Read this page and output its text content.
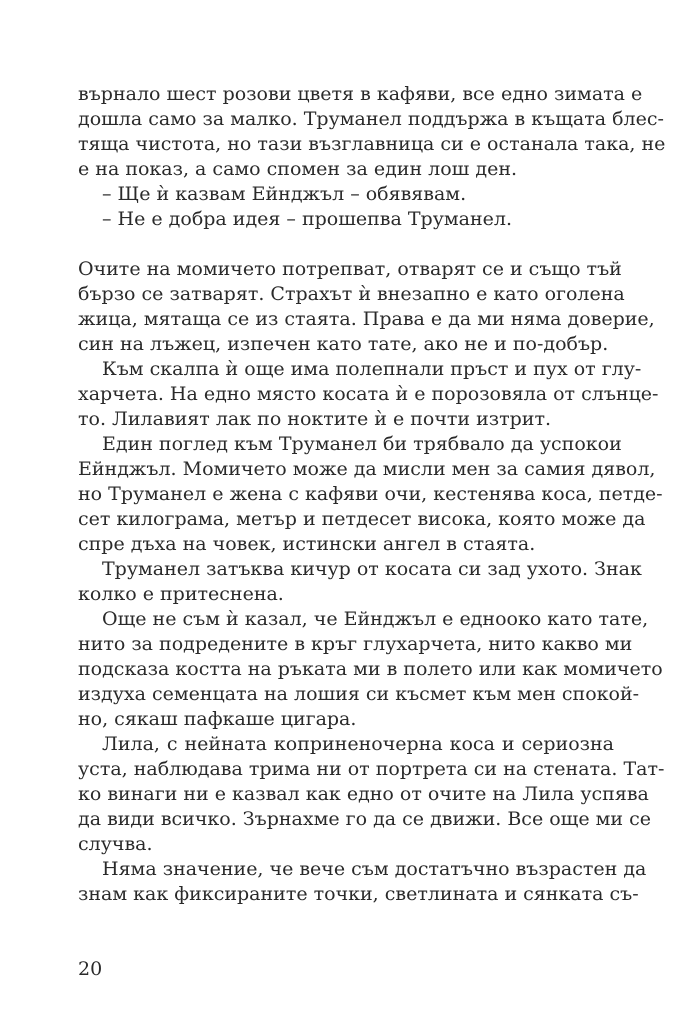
върнало шест розови цветя в кафяви, все едно зимата е
дошла само за малко. Труманел поддържа в къщата блес-
тяща чистота, но тази възглавница си е останала така, не
е на показ, а само спомен за един лош ден.
– Ще ѝ казвам Ейнджъл – обявявам.
– Не е добра идея – прошепва Труманел.
Очите на момичето потрепват, отварят се и също тъй
бързо се затварят. Страхът ѝ внезапно е като оголена
жица, мятаща се из стаята. Права е да ми няма доверие,
син на лъжец, изпечен като тате, ако не и по-добър.
Към скалпа ѝ още има полепнали пръст и пух от глу-
харчета. На едно място косата ѝ е порозовяла от слънце-
то. Лилавият лак по ноктите ѝ е почти изтрит.
Един поглед към Труманел би трябвало да успокои
Ейнджъл. Момичето може да мисли мен за самия дявол,
но Труманел е жена с кафяви очи, кестенява коса, петде-
сет килограма, метър и петдесет висока, която може да
спре дъха на човек, истински ангел в стаята.
Труманел затъква кичур от косата си зад ухото. Знак
колко е притеснена.
Още не съм ѝ казал, че Ейнджъл е еднооко като тате,
нито за подредените в кръг глухарчета, нито какво ми
подсказа костта на ръката ми в полето или как момичето
издуха семенцата на лошия си късмет към мен спокой-
но, сякаш пафкаше цигара.
Лила, с нейната коприненочерна коса и сериозна
уста, наблюдава трима ни от портрета си на стената. Тат-
ко винаги ни е казвал как едно от очите на Лила успява
да види всичко. Зърнахме го да се движи. Все още ми се
случва.
Няма значение, че вече съм достатъчно възрастен да
знам как фиксираните точки, светлината и сянката съ-
20
